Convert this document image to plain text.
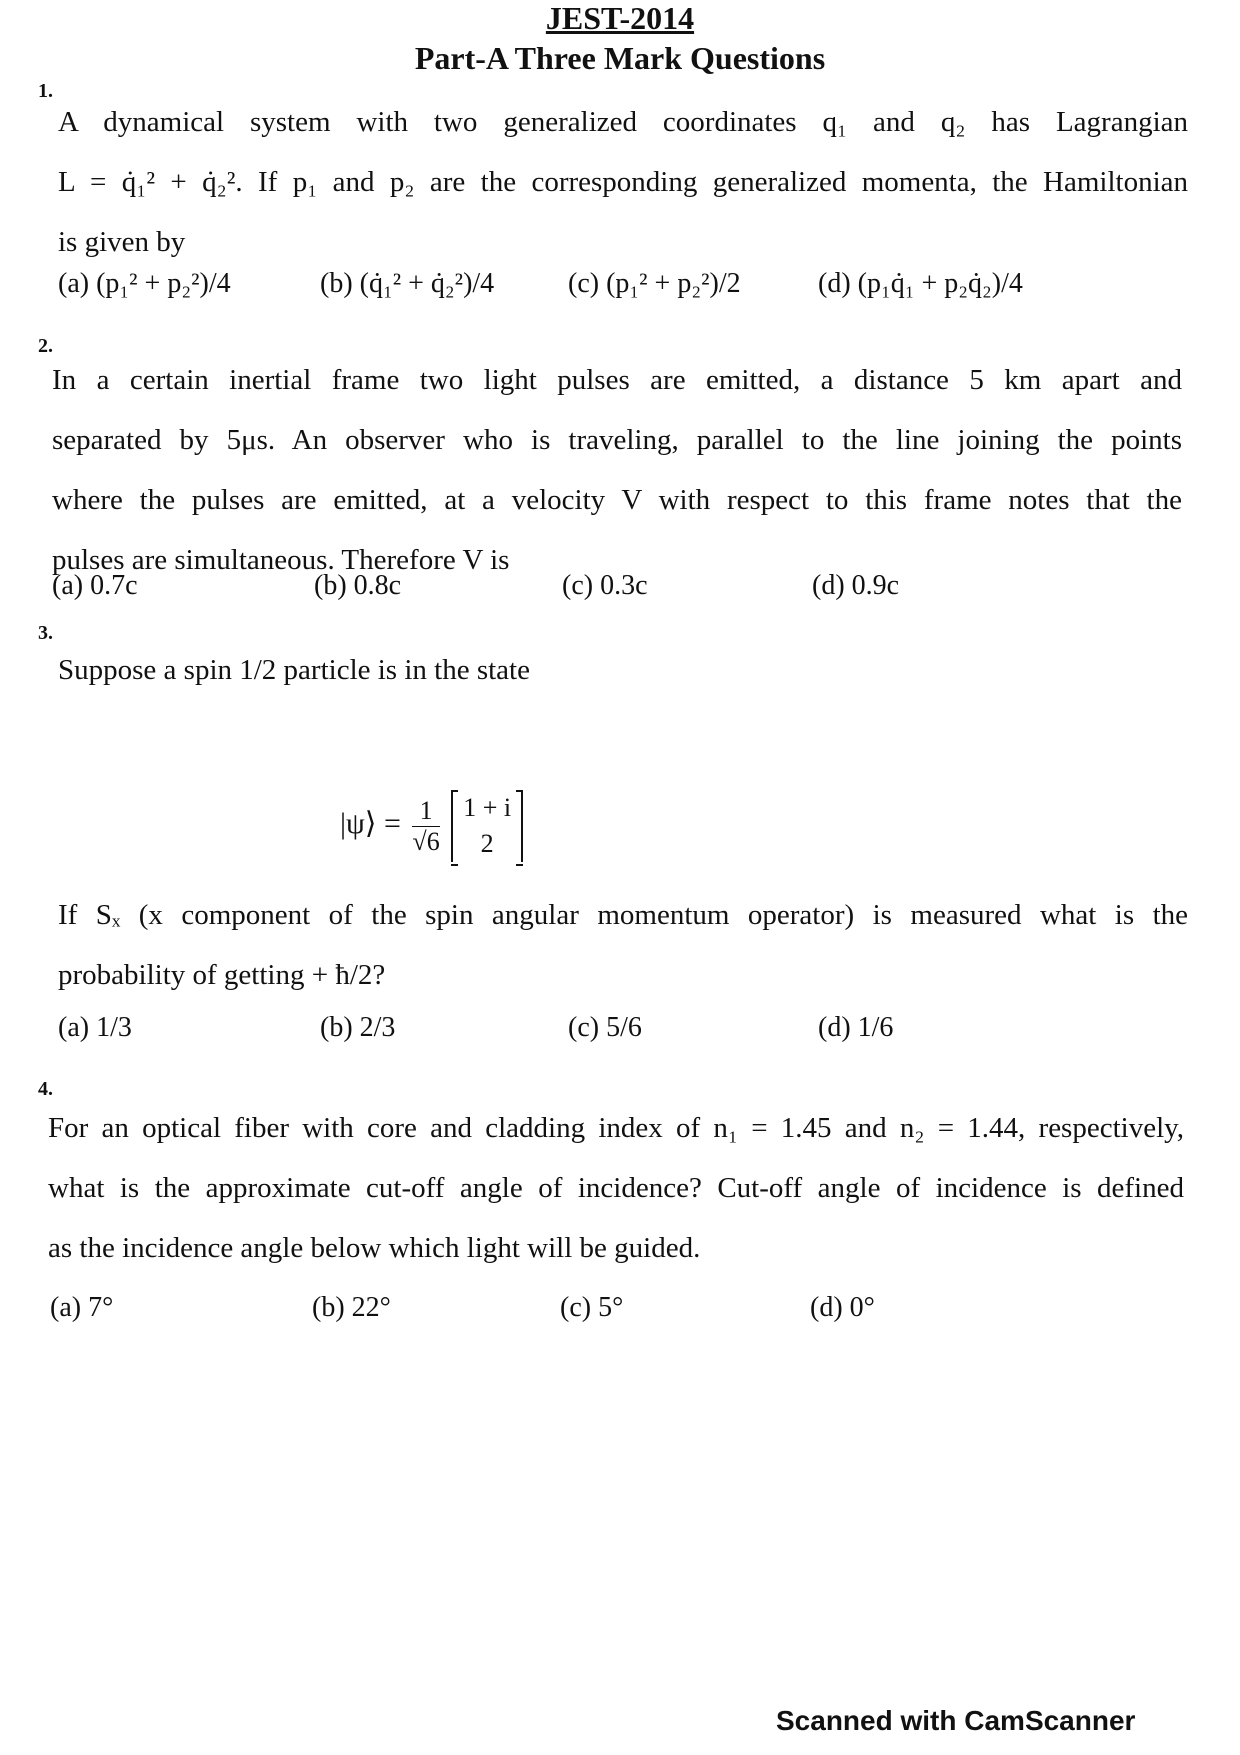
JEST-2014
Part-A Three Mark Questions
1.
A dynamical system with two generalized coordinates q₁ and q₂ has Lagrangian
L = q̇₁² + q̇₂². If p₁ and p₂ are the corresponding generalized momenta, the Hamiltonian
is given by
(a) (p₁² + p₂²)/4	(b) (q̇₁² + q̇₂²)/4	(c) (p₁² + p₂²)/2	(d) (p₁q̇₁ + p₂q̇₂)/4
2.
In a certain inertial frame two light pulses are emitted, a distance 5 km apart and
separated by 5μs. An observer who is traveling, parallel to the line joining the points
where the pulses are emitted, at a velocity V with respect to this frame notes that the
pulses are simultaneous. Therefore V is
(a) 0.7c	(b) 0.8c	(c) 0.3c	(d) 0.9c
3.
Suppose a spin 1/2 particle is in the state
|ψ⟩ = $\frac{1}{√6}$
1 + i
2
If Sₓ (x component of the spin angular momentum operator) is measured what is the
probability of getting + ħ/2?
(a) 1/3	(b) 2/3	(c) 5/6	(d) 1/6
4.
For an optical fiber with core and cladding index of n₁ = 1.45 and n₂ = 1.44, respectively,
what is the approximate cut-off angle of incidence? Cut-off angle of incidence is defined
as the incidence angle below which light will be guided.
(a) 7°	(b) 22°	(c) 5°	(d) 0°
Scanned with CamScanner
